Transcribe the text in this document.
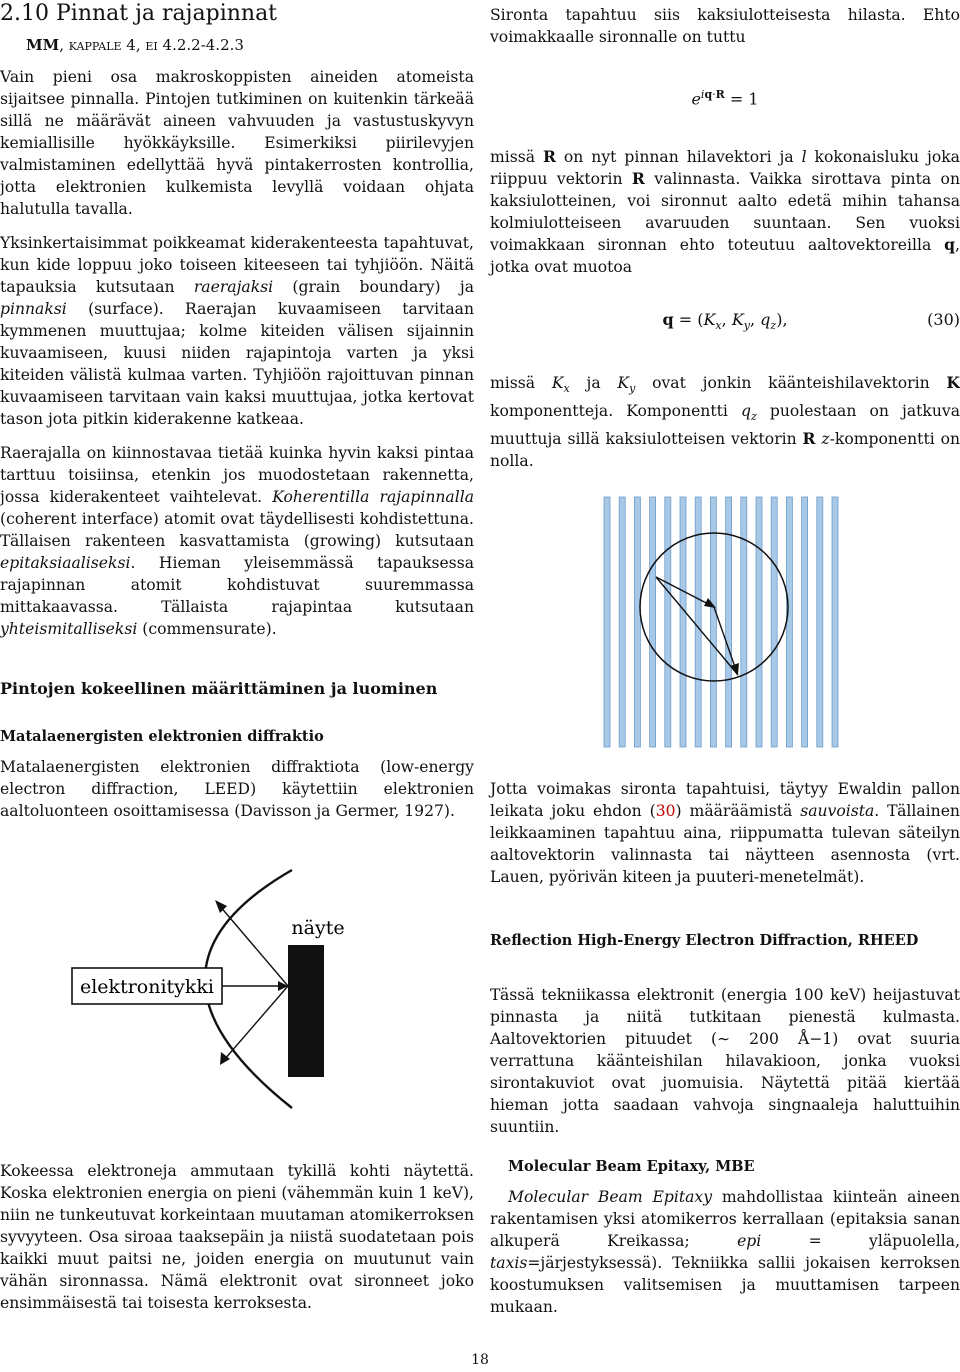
2.10 Pinnat ja rajapinnat

MM, kappale 4, ei 4.2.2-4.2.3

Vain pieni osa makroskoppisten aineiden atomeista sijaitsee pinnalla. Pintojen tutkiminen on kuitenkin tärkeää sillä ne määrävät aineen vahvuuden ja vastustuskyvyn kemiallisille hyökkäyksille. Esimerkiksi piirilevyjen valmistaminen edellyttää hyvä pintakerrosten kontrollia, jotta elektronien kulkemista levyllä voidaan ohjata halutulla tavalla.

Yksinkertaisimmat poikkeamat kiderakenteesta tapahtuvat, kun kide loppuu joko toiseen kiteeseen tai tyhjiöön. Näitä tapauksia kutsutaan raerajaksi (grain boundary) ja pinnaksi (surface). Raerajan kuvaamiseen tarvitaan kymmenen muuttujaa; kolme kiteiden välisen sijainnin kuvaamiseen, kuusi niiden rajapintoja varten ja yksi kiteiden välistä kulmaa varten. Tyhjiöön rajoittuvan pinnan kuvaamiseen tarvitaan vain kaksi muuttujaa, jotka kertovat tason jota pitkin kiderakenne katkeaa.

Raerajalla on kiinnostavaa tietää kuinka hyvin kaksi pintaa tarttuu toisiinsa, etenkin jos muodostetaan rakennetta, jossa kiderakenteet vaihtelevat. Koherentilla rajapinnalla (coherent interface) atomit ovat täydellisesti kohdistettuna. Tällaisen rakenteen kasvattamista (growing) kutsutaan epitaksiaaliseksi. Hieman yleisemmässä tapauksessa rajapinnan atomit kohdistuvat suuremmassa mittakaavassa. Tällaista rajapintaa kutsutaan yhteismitalliseksi (commensurate).

Pintojen kokeellinen määrittäminen ja luominen
Matalaenergisten elektronien diffraktio

Matalaenergisten elektronien diffraktiota (low-energy electron diffraction, LEED) käytettiin elektronien aaltoluonteen osoittamisessa (Davisson ja Germer, 1927).

elektronitykki
näyte

Kokeessa elektroneja ammutaan tykillä kohti näytettä. Koska elektronien energia on pieni (vähemmän kuin 1 keV), niin ne tunkeutuvat korkeintaan muutaman atomikerroksen syvyyteen. Osa siroaa taaksepäin ja niistä suodatetaan pois kaikki muut paitsi ne, joiden energia on muutunut vain vähän sironnassa. Nämä elektronit ovat sironneet joko ensimmäisestä tai toisesta kerroksesta.

Sironta tapahtuu siis kaksiulotteisesta hilasta. Ehto voimakkaalle sironnalle on tuttu

$e^{iq\cdot R} = 1$

missä R on nyt pinnan hilavektori ja l kokonaisluku joka riippuu vektorin R valinnasta. Vaikka sirottava pinta on kaksiulotteinen, voi sironnut aalto edetä mihin tahansa kolmiulotteiseen avaruuden suuntaan. Sen vuoksi voimakkaan sironnan ehto toteutuu aaltovektoreilla q, jotka ovat muotoa

$q = (K_x$, $K_y$, $q_z$),	(30)

missä $K_x$ ja $K_y$ ovat jonkin käänteishilavektorin K komponentteja. Komponentti $q_z$ puolestaan on jatkuva muuttuja sillä kaksiulotteisen vektorin R z-komponentti on nolla.

Jotta voimakas sironta tapahtuisi, täytyy Ewaldin pallon leikata joku ehdon (30) määräämistä sauvoista. Tällainen leikkaaminen tapahtuu aina, riippumatta tulevan säteilyn aaltovektorin valinnasta tai näytteen asennosta (vrt. Lauen, pyörivän kiteen ja puuteri-menetelmät).

Reflection High-Energy Electron Diffraction, RHEED

Tässä tekniikassa elektronit (energia 100 keV) heijastuvat pinnasta ja niitä tutkitaan pienestä kulmasta. Aaltovektorien pituudet (∼ 200 Å−1) ovat suuria verrattuna käänteishilan hilavakioon, jonka vuoksi sirontakuviot ovat juomuisia. Näytettä pitää kiertää hieman jotta saadaan vahvoja singnaaleja haluttuihin suuntiin.

Molecular Beam Epitaxy, MBE

Molecular Beam Epitaxy mahdollistaa kiinteän aineen rakentamisen yksi atomikerros kerrallaan (epitaksia sanan alkuperä Kreikassa; epi = yläpuolella, taxis=järjestyksessä). Tekniikka sallii jokaisen kerroksen koostumuksen valitsemisen ja muuttamisen tarpeen mukaan.

18
